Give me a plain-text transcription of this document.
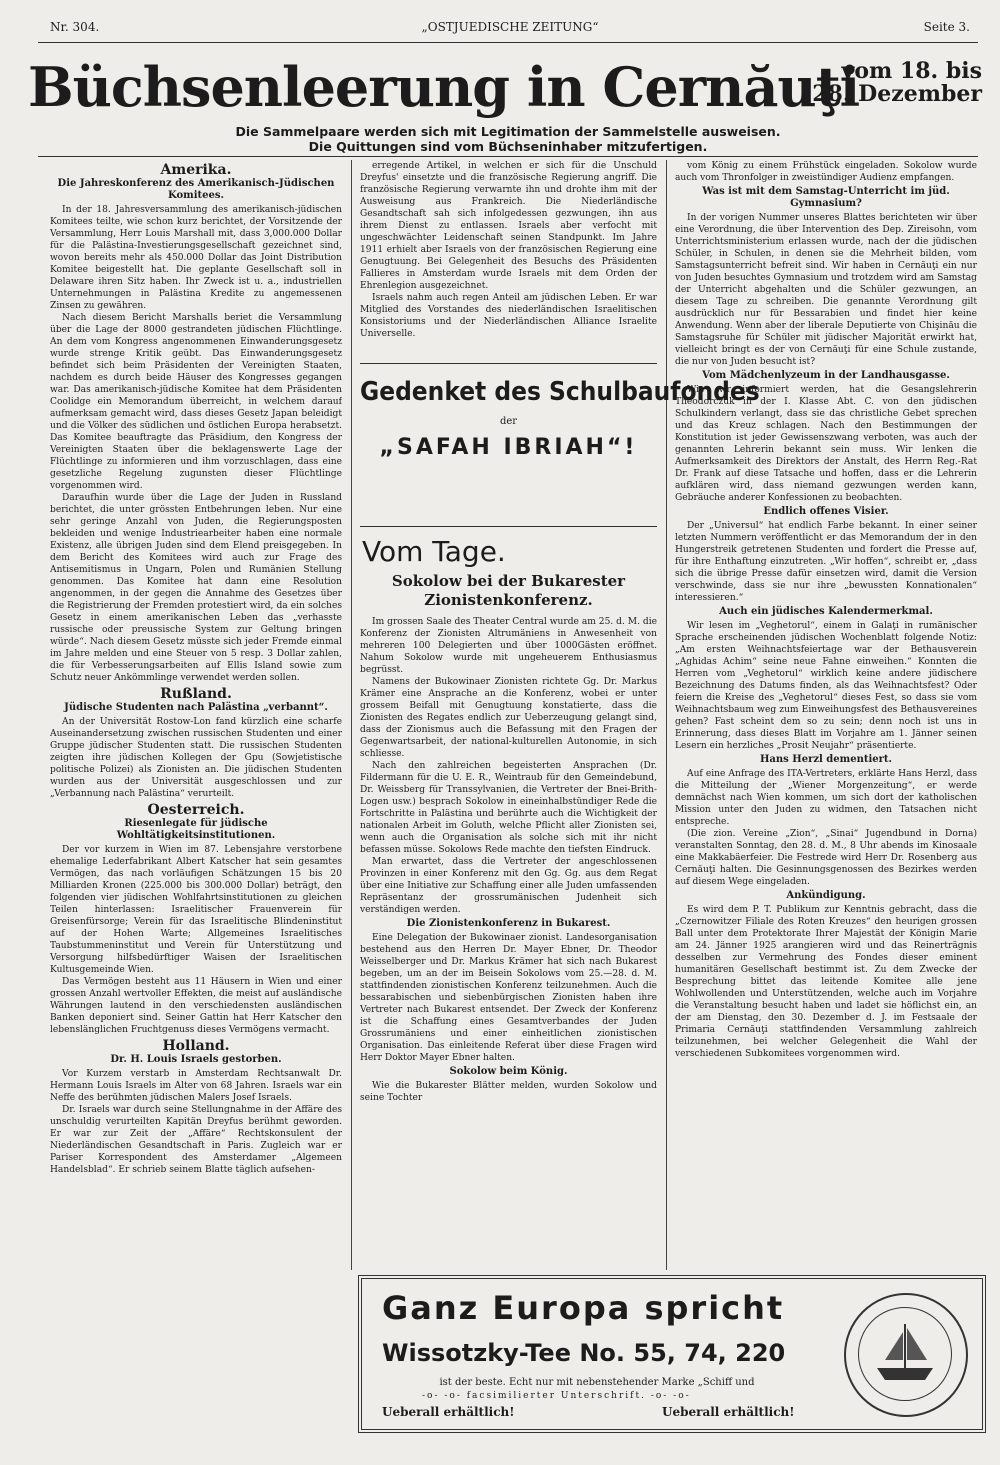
Nr. 304.	„OSTJUEDISCHE ZEITUNG“	Seite 3.
Büchsenleerung in Cernăuţi
vom 18. bis 28. Dezember
Die Sammelpaare werden sich mit Legitimation der Sammelstelle ausweisen.
Die Quittungen sind vom Büchseninhaber mitzufertigen.
Amerika.
Die Jahreskonferenz des Amerikanisch-Jüdischen Komitees.

In der 18. Jahresversammlung des amerikanisch-jüdischen Komitees teilte, wie schon kurz berichtet, der Vorsitzende der Versammlung, Herr Louis Marshall mit, dass 3,000.000 Dollar für die Palästina-Investierungsgesellschaft gezeichnet sind, wovon bereits mehr als 450.000 Dollar das Joint Distribution Komitee beigestellt hat. Die geplante Gesellschaft soll in Delaware ihren Sitz haben. Ihr Zweck ist u. a., industriellen Unternehmungen in Palästina Kredite zu angemessenen Zinsen zu gewähren.

Nach diesem Bericht Marshalls beriet die Versammlung über die Lage der 8000 gestrandeten jüdischen Flüchtlinge. An dem vom Kongress angenommenen Einwanderungsgesetz wurde strenge Kritik geübt. Das Einwanderungsgesetz befindet sich beim Präsidenten der Vereinigten Staaten, nachdem es durch beide Häuser des Kongresses gegangen war. Das amerikanisch-jüdische Komitee hat dem Präsidenten Coolidge ein Memorandum überreicht, in welchem darauf aufmerksam gemacht wird, dass dieses Gesetz Japan beleidigt und die Völker des südlichen und östlichen Europa herabsetzt. Das Komitee beauftragte das Präsidium, den Kongress der Vereinigten Staaten über die beklagenswerte Lage der Flüchtlinge zu informieren und ihm vorzuschlagen, dass eine gesetzliche Regelung zugunsten dieser Flüchtlinge vorgenommen wird.

Daraufhin wurde über die Lage der Juden in Russland berichtet, die unter grössten Entbehrungen leben. Nur eine sehr geringe Anzahl von Juden, die Regierungsposten bekleiden und wenige Industriearbeiter haben eine normale Existenz, alle übrigen Juden sind dem Elend preisgegeben. In dem Bericht des Komitees wird auch zur Frage des Antisemitismus in Ungarn, Polen und Rumänien Stellung genommen. Das Komitee hat dann eine Resolution angenommen, in der gegen die Annahme des Gesetzes über die Registrierung der Fremden protestiert wird, da ein solches Gesetz in einem amerikanischen Leben das „verhasste russische oder preussische System zur Geltung bringen würde“. Nach diesem Gesetz müsste sich jeder Fremde einmal im Jahre melden und eine Steuer von 5 resp. 3 Dollar zahlen, die für Verbesserungsarbeiten auf Ellis Island sowie zum Schutz neuer Ankömmlinge verwendet werden sollen.

Rußland.
Jüdische Studenten nach Palästina „verbannt“.

An der Universität Rostow-Lon fand kürzlich eine scharfe Auseinandersetzung zwischen russischen Studenten und einer Gruppe jüdischer Studenten statt. Die russischen Studenten zeigten ihre jüdischen Kollegen der Gpu (Sowjetistische politische Polizei) als Zionisten an. Die jüdischen Studenten wurden aus der Universität ausgeschlossen und zur „Verbannung nach Palästina“ verurteilt.

Oesterreich.
Riesenlegate für jüdische Wohltätigkeitsinstitutionen.

Der vor kurzem in Wien im 87. Lebensjahre verstorbene ehemalige Lederfabrikant Albert Katscher hat sein gesamtes Vermögen, das nach vorläufigen Schätzungen 15 bis 20 Milliarden Kronen (225.000 bis 300.000 Dollar) beträgt, den folgenden vier jüdischen Wohlfahrtsinstitutionen zu gleichen Teilen hinterlassen: Israelitischer Frauenverein für Greisenfürsorge; Verein für das Israelitische Blindeninstitut auf der Hohen Warte; Allgemeines Israelitisches Taubstummeninstitut und Verein für Unterstützung und Versorgung hilfsbedürftiger Waisen der Israelitischen Kultusgemeinde Wien.

Das Vermögen besteht aus 11 Häusern in Wien und einer grossen Anzahl wertvoller Effekten, die meist auf ausländische Währungen lautend in den verschiedensten ausländischen Banken deponiert sind. Seiner Gattin hat Herr Katscher den lebenslänglichen Fruchtgenuss dieses Vermögens vermacht.

Holland.
Dr. H. Louis Israels gestorben.

Vor Kurzem verstarb in Amsterdam Rechtsanwalt Dr. Hermann Louis Israels im Alter von 68 Jahren. Israels war ein Neffe des berühmten jüdischen Malers Josef Israels.

Dr. Israels war durch seine Stellungnahme in der Affäre des unschuldig verurteilten Kapitän Dreyfus berühmt geworden. Er war zur Zeit der „Affäre“ Rechtskonsulent der Niederländischen Gesandtschaft in Paris. Zugleich war er Pariser Korrespondent des Amsterdamer „Algemeen Handelsblad“. Er schrieb seinem Blatte täglich aufsehen-

erregende Artikel, in welchen er sich für die Unschuld Dreyfus' einsetzte und die französische Regierung angriff. Die französische Regierung verwarnte ihn und drohte ihm mit der Ausweisung aus Frankreich. Die Niederländische Gesandtschaft sah sich infolgedessen gezwungen, ihn aus ihrem Dienst zu entlassen. Israels aber verfocht mit ungeschwächter Leidenschaft seinen Standpunkt. Im Jahre 1911 erhielt aber Israels von der französischen Regierung eine Genugtuung. Bei Gelegenheit des Besuchs des Präsidenten Fallieres in Amsterdam wurde Israels mit dem Orden der Ehrenlegion ausgezeichnet.

Israels nahm auch regen Anteil am jüdischen Leben. Er war Mitglied des Vorstandes des niederländischen Israelitischen Konsistoriums und der Niederländischen Alliance Israelite Universelle.

Gedenket des Schulbaufondes
der
„SAFAH IBRIAH“!
Vom Tage.
Sokolow bei der Bukarester Zionistenkonferenz.

Im grossen Saale des Theater Central wurde am 25. d. M. die Konferenz der Zionisten Altrumäniens in Anwesenheit von mehreren 100 Delegierten und über 1000Gästen eröffnet. Nahum Sokolow wurde mit ungeheuerem Enthusiasmus begrüsst.

Namens der Bukowinaer Zionisten richtete Gg. Dr. Markus Krämer eine Ansprache an die Konferenz, wobei er unter grossem Beifall mit Genugtuung konstatierte, dass die Zionisten des Regates endlich zur Ueberzeugung gelangt sind, dass der Zionismus auch die Befassung mit den Fragen der Gegenwartsarbeit, der national-kulturellen Autonomie, in sich schliesse.

Nach den zahlreichen begeisterten Ansprachen (Dr. Fildermann für die U. E. R., Weintraub für den Gemeindebund, Dr. Weissberg für Transsylvanien, die Vertreter der Bnei-Brith-Logen usw.) besprach Sokolow in eineinhalbstündiger Rede die Fortschritte in Palästina und berührte auch die Wichtigkeit der nationalen Arbeit im Goluth, welche Pflicht aller Zionisten sei, wenn auch die Organisation als solche sich mit ihr nicht befassen müsse. Sokolows Rede machte den tiefsten Eindruck.

Man erwartet, dass die Vertreter der angeschlossenen Provinzen in einer Konferenz mit den Gg. Gg. aus dem Regat über eine Initiative zur Schaffung einer alle Juden umfassenden Repräsentanz der grossrumänischen Judenheit sich verständigen werden.

Die Zionistenkonferenz in Bukarest.

Eine Delegation der Bukowinaer zionist. Landesorganisation bestehend aus den Herren Dr. Mayer Ebner, Dr. Theodor Weisselberger und Dr. Markus Krämer hat sich nach Bukarest begeben, um an der im Beisein Sokolows vom 25.—28. d. M. stattfindenden zionistischen Konferenz teilzunehmen. Auch die bessarabischen und siebenbürgischen Zionisten haben ihre Vertreter nach Bukarest entsendet. Der Zweck der Konferenz ist die Schaffung eines Gesamtverbandes der Juden Grossrumäniens und einer einheitlichen zionistischen Organisation. Das einleitende Referat über diese Fragen wird Herr Doktor Mayer Ebner halten.

Sokolow beim König.

Wie die Bukarester Blätter melden, wurden Sokolow und seine Tochter

vom König zu einem Frühstück eingeladen. Sokolow wurde auch vom Thronfolger in zweistündiger Audienz empfangen.

Was ist mit dem Samstag-Unterricht im jüd. Gymnasium?

In der vorigen Nummer unseres Blattes berichteten wir über eine Verordnung, die über Intervention des Dep. Zireisohn, vom Unterrichtsministerium erlassen wurde, nach der die jüdischen Schüler, in Schulen, in denen sie die Mehrheit bilden, vom Samstagsunterricht befreit sind. Wir haben in Cernăuţi ein nur von Juden besuchtes Gymnasium und trotzdem wird am Samstag der Unterricht abgehalten und die Schüler gezwungen, an diesem Tage zu schreiben. Die genannte Verordnung gilt ausdrücklich nur für Bessarabien und findet hier keine Anwendung. Wenn aber der liberale Deputierte von Chişinău die Samstagsruhe für Schüler mit jüdischer Majorität erwirkt hat, vielleicht bringt es der von Cernăuţi für eine Schule zustande, die nur von Juden besucht ist?

Vom Mädchenlyzeum in der Landhausgasse.

Wie wir informiert werden, hat die Gesangslehrerin Theodorczuk in der I. Klasse Abt. C. von den jüdischen Schulkindern verlangt, dass sie das christliche Gebet sprechen und das Kreuz schlagen. Nach den Bestimmungen der Konstitution ist jeder Gewissenszwang verboten, was auch der genannten Lehrerin bekannt sein muss. Wir lenken die Aufmerksamkeit des Direktors der Anstalt, des Herrn Reg.-Rat Dr. Frank auf diese Tatsache und hoffen, dass er die Lehrerin aufklären wird, dass niemand gezwungen werden kann, Gebräuche anderer Konfessionen zu beobachten.

Endlich offenes Visier.

Der „Universul“ hat endlich Farbe bekannt. In einer seiner letzten Nummern veröffentlicht er das Memorandum der in den Hungerstreik getretenen Studenten und fordert die Presse auf, für ihre Enthaftung einzutreten. „Wir hoffen“, schreibt er, „dass sich die übrige Presse dafür einsetzen wird, damit die Version verschwinde, dass sie nur ihre „bewussten Konnationalen“ interessieren.“

Auch ein jüdisches Kalendermerkmal.

Wir lesen im „Veghetorul“, einem in Galaţi in rumänischer Sprache erscheinenden jüdischen Wochenblatt folgende Notiz: „Am ersten Weihnachtsfeiertage war der Bethausverein „Aghidas Achim“ seine neue Fahne einweihen.“ Konnten die Herren vom „Veghetorul“ wirklich keine andere jüdischere Bezeichnung des Datums finden, als das Weihnachtsfest? Oder feiern die Kreise des „Veghetorul“ dieses Fest, so dass sie vom Weihnachtsbaum weg zum Einweihungsfest des Bethausvereines gehen? Fast scheint dem so zu sein; denn noch ist uns in Erinnerung, dass dieses Blatt im Vorjahre am 1. Jänner seinen Lesern ein herzliches „Prosit Neujahr“ präsentierte.

Hans Herzl dementiert.

Auf eine Anfrage des ITA-Vertreters, erklärte Hans Herzl, dass die Mitteilung der „Wiener Morgenzeitung“, er werde demnächst nach Wien kommen, um sich dort der katholischen Mission unter den Juden zu widmen, den Tatsachen nicht entspreche.

(Die zion. Vereine „Zion“, „Sinai“ Jugendbund in Dorna) veranstalten Sonntag, den 28. d. M., 8 Uhr abends im Kinosaale eine Makkabäerfeier. Die Festrede wird Herr Dr. Rosenberg aus Cernăuţi halten. Die Gesinnungsgenossen des Bezirkes werden auf diesem Wege eingeladen.

Ankündigung.

Es wird dem P. T. Publikum zur Kenntnis gebracht, dass die „Czernowitzer Filiale des Roten Kreuzes“ den heurigen grossen Ball unter dem Protektorate Ihrer Majestät der Königin Marie am 24. Jänner 1925 arangieren wird und das Reinerträgnis desselben zur Vermehrung des Fondes dieser eminent humanitären Gesellschaft bestimmt ist. Zu dem Zwecke der Besprechung bittet das leitende Komitee alle jene Wohlwollenden und Unterstützenden, welche auch im Vorjahre die Veranstaltung besucht haben und ladet sie höflichst ein, an der am Dienstag, den 30. Dezember d. J. im Festsaale der Primaria Cernăuţi stattfindenden Versammlung zahlreich teilzunehmen, bei welcher Gelegenheit die Wahl der verschiedenen Subkomitees vorgenommen wird.

Ganz Europa spricht
Wissotzky-Tee No. 55, 74, 220
ist der beste. Echt nur mit nebenstehender Marke „Schiff und
-o- -o- facsimilierter Unterschrift. -o- -o-
Ueberall erhältlich!	Ueberall erhältlich!
